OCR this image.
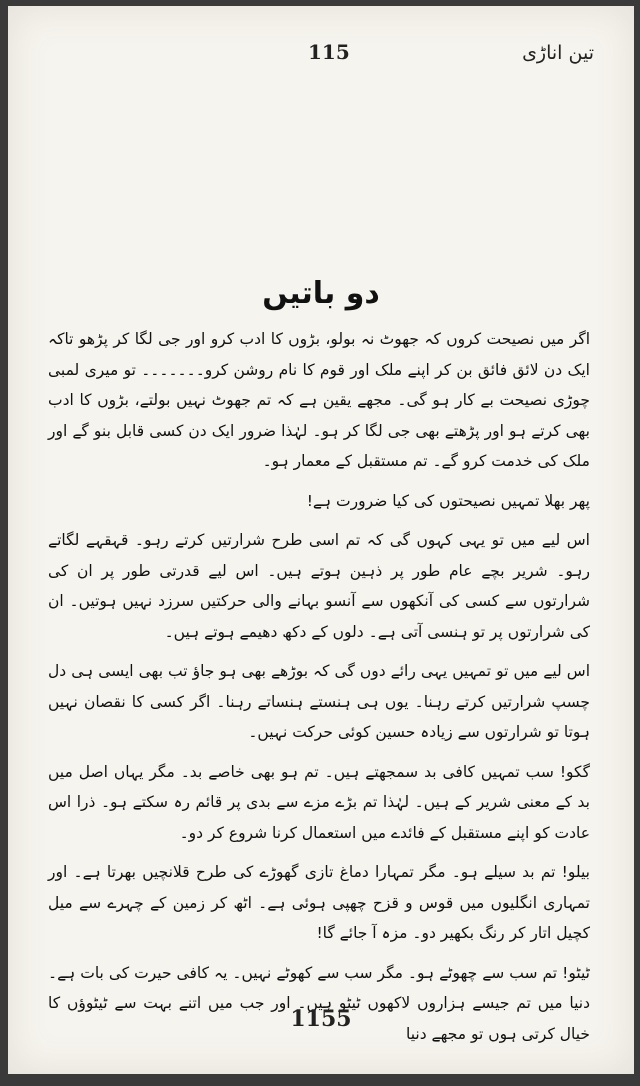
115	تین اناڑی
دو باتیں

اگر میں نصیحت کروں کہ جھوٹ نہ بولو، بڑوں کا ادب کرو اور جی لگا کر پڑھو تاکہ ایک دن لائق فائق بن کر اپنے ملک اور قوم کا نام روشن کرو۔۔۔۔۔۔۔ تو میری لمبی چوڑی نصیحت بے کار ہو گی۔ مجھے یقین ہے کہ تم جھوٹ نہیں بولتے، بڑوں کا ادب بھی کرتے ہو اور پڑھتے بھی جی لگا کر ہو۔ لہٰذا ضرور ایک دن کسی قابل بنو گے اور ملک کی خدمت کرو گے۔ تم مستقبل کے معمار ہو۔

پھر بھلا تمہیں نصیحتوں کی کیا ضرورت ہے!

اس لیے میں تو یہی کہوں گی کہ تم اسی طرح شرارتیں کرتے رہو۔ قہقہے لگاتے رہو۔ شریر بچے عام طور پر ذہین ہوتے ہیں۔ اس لیے قدرتی طور پر ان کی شرارتوں سے کسی کی آنکھوں سے آنسو بہانے والی حرکتیں سرزد نہیں ہوتیں۔ ان کی شرارتوں پر تو ہنسی آتی ہے۔ دلوں کے دکھ دھیمے ہوتے ہیں۔

اس لیے میں تو تمہیں یہی رائے دوں گی کہ بوڑھے بھی ہو جاؤ تب بھی ایسی ہی دل چسپ شرارتیں کرتے رہنا۔ یوں ہی ہنستے ہنساتے رہنا۔ اگر کسی کا نقصان نہیں ہوتا تو شرارتوں سے زیادہ حسین کوئی حرکت نہیں۔

گکو! سب تمہیں کافی بد سمجھتے ہیں۔ تم ہو بھی خاصے بد۔ مگر یہاں اصل میں بد کے معنی شریر کے ہیں۔ لہٰذا تم بڑے مزے سے بدی پر قائم رہ سکتے ہو۔ ذرا اس عادت کو اپنے مستقبل کے فائدے میں استعمال کرنا شروع کر دو۔

بیلو! تم بد سیلے ہو۔ مگر تمہارا دماغ تازی گھوڑے کی طرح قلانچیں بھرتا ہے۔ اور تمہاری انگلیوں میں قوس و قزح چھپی ہوئی ہے۔ اٹھ کر زمین کے چہرے سے میل کچیل اتار کر رنگ بکھیر دو۔ مزہ آ جائے گا!

ٹیٹو! تم سب سے چھوٹے ہو۔ مگر سب سے کھوٹے نہیں۔ یہ کافی حیرت کی بات ہے۔ دنیا میں تم جیسے ہزاروں لاکھوں ٹیٹو ہیں۔ اور جب میں اتنے بہت سے ٹیٹوؤں کا خیال کرتی ہوں تو مجھے دنیا

1155
